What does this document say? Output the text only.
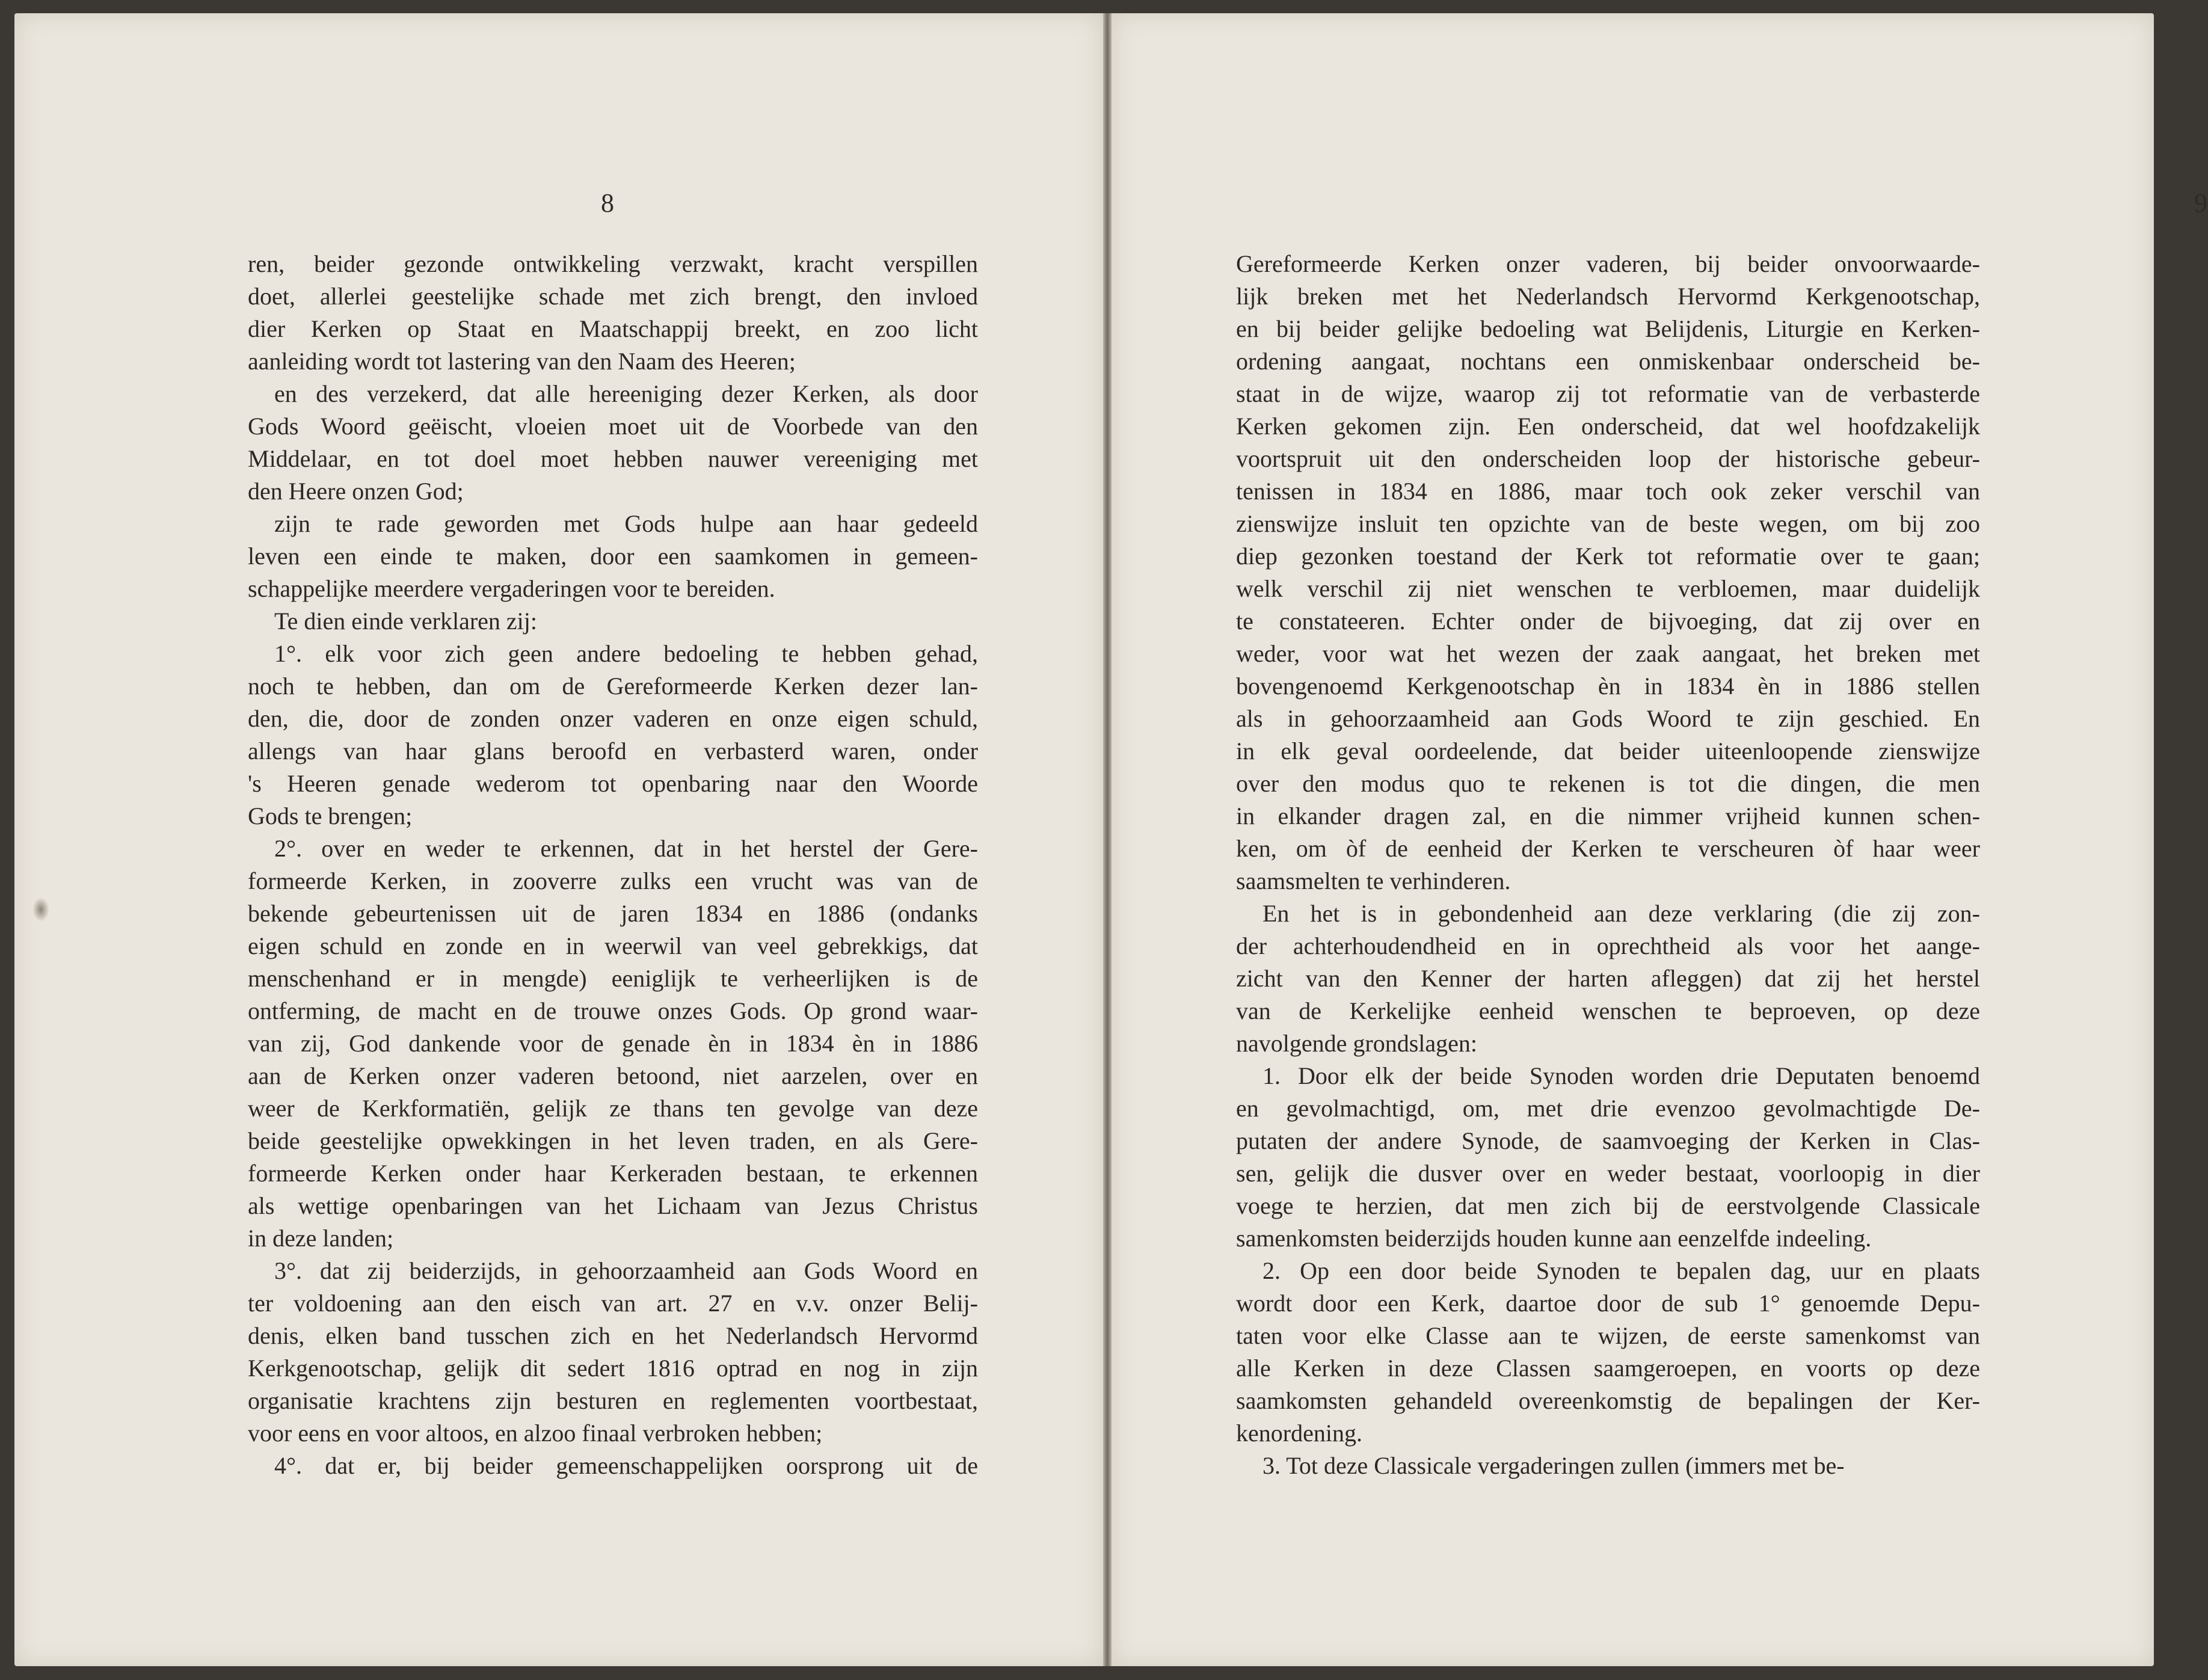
8
ren, beider gezonde ontwikkeling verzwakt, kracht verspillen
doet, allerlei geestelijke schade met zich brengt, den invloed
dier Kerken op Staat en Maatschappij breekt, en zoo licht
aanleiding wordt tot lastering van den Naam des Heeren;
en des verzekerd, dat alle hereeniging dezer Kerken, als door
Gods Woord geëischt, vloeien moet uit de Voorbede van den
Middelaar, en tot doel moet hebben nauwer vereeniging met
den Heere onzen God;
zijn te rade geworden met Gods hulpe aan haar gedeeld
leven een einde te maken, door een saamkomen in gemeen-
schappelijke meerdere vergaderingen voor te bereiden.
Te dien einde verklaren zij:
1°. elk voor zich geen andere bedoeling te hebben gehad,
noch te hebben, dan om de Gereformeerde Kerken dezer lan-
den, die, door de zonden onzer vaderen en onze eigen schuld,
allengs van haar glans beroofd en verbasterd waren, onder
's Heeren genade wederom tot openbaring naar den Woorde
Gods te brengen;
2°. over en weder te erkennen, dat in het herstel der Gere-
formeerde Kerken, in zooverre zulks een vrucht was van de
bekende gebeurtenissen uit de jaren 1834 en 1886 (ondanks
eigen schuld en zonde en in weerwil van veel gebrekkigs, dat
menschenhand er in mengde) eeniglijk te verheerlijken is de
ontferming, de macht en de trouwe onzes Gods. Op grond waar-
van zij, God dankende voor de genade èn in 1834 èn in 1886
aan de Kerken onzer vaderen betoond, niet aarzelen, over en
weer de Kerkformatiën, gelijk ze thans ten gevolge van deze
beide geestelijke opwekkingen in het leven traden, en als Gere-
formeerde Kerken onder haar Kerkeraden bestaan, te erkennen
als wettige openbaringen van het Lichaam van Jezus Christus
in deze landen;
3°. dat zij beiderzijds, in gehoorzaamheid aan Gods Woord en
ter voldoening aan den eisch van art. 27 en v.v. onzer Belij-
denis, elken band tusschen zich en het Nederlandsch Hervormd
Kerkgenootschap, gelijk dit sedert 1816 optrad en nog in zijn
organisatie krachtens zijn besturen en reglementen voortbestaat,
voor eens en voor altoos, en alzoo finaal verbroken hebben;
4°. dat er, bij beider gemeenschappelijken oorsprong uit de
9
Gereformeerde Kerken onzer vaderen, bij beider onvoorwaarde-
lijk breken met het Nederlandsch Hervormd Kerkgenootschap,
en bij beider gelijke bedoeling wat Belijdenis, Liturgie en Kerken-
ordening aangaat, nochtans een onmiskenbaar onderscheid be-
staat in de wijze, waarop zij tot reformatie van de verbasterde
Kerken gekomen zijn. Een onderscheid, dat wel hoofdzakelijk
voortspruit uit den onderscheiden loop der historische gebeur-
tenissen in 1834 en 1886, maar toch ook zeker verschil van
zienswijze insluit ten opzichte van de beste wegen, om bij zoo
diep gezonken toestand der Kerk tot reformatie over te gaan;
welk verschil zij niet wenschen te verbloemen, maar duidelijk
te constateeren. Echter onder de bijvoeging, dat zij over en
weder, voor wat het wezen der zaak aangaat, het breken met
bovengenoemd Kerkgenootschap èn in 1834 èn in 1886 stellen
als in gehoorzaamheid aan Gods Woord te zijn geschied. En
in elk geval oordeelende, dat beider uiteenloopende zienswijze
over den modus quo te rekenen is tot die dingen, die men
in elkander dragen zal, en die nimmer vrijheid kunnen schen-
ken, om òf de eenheid der Kerken te verscheuren òf haar weer
saamsmelten te verhinderen.
En het is in gebondenheid aan deze verklaring (die zij zon-
der achterhoudendheid en in oprechtheid als voor het aange-
zicht van den Kenner der harten afleggen) dat zij het herstel
van de Kerkelijke eenheid wenschen te beproeven, op deze
navolgende grondslagen:
1. Door elk der beide Synoden worden drie Deputaten benoemd
en gevolmachtigd, om, met drie evenzoo gevolmachtigde De-
putaten der andere Synode, de saamvoeging der Kerken in Clas-
sen, gelijk die dusver over en weder bestaat, voorloopig in dier
voege te herzien, dat men zich bij de eerstvolgende Classicale
samenkomsten beiderzijds houden kunne aan eenzelfde indeeling.
2. Op een door beide Synoden te bepalen dag, uur en plaats
wordt door een Kerk, daartoe door de sub 1° genoemde Depu-
taten voor elke Classe aan te wijzen, de eerste samenkomst van
alle Kerken in deze Classen saamgeroepen, en voorts op deze
saamkomsten gehandeld overeenkomstig de bepalingen der Ker-
kenordening.
3. Tot deze Classicale vergaderingen zullen (immers met be-
